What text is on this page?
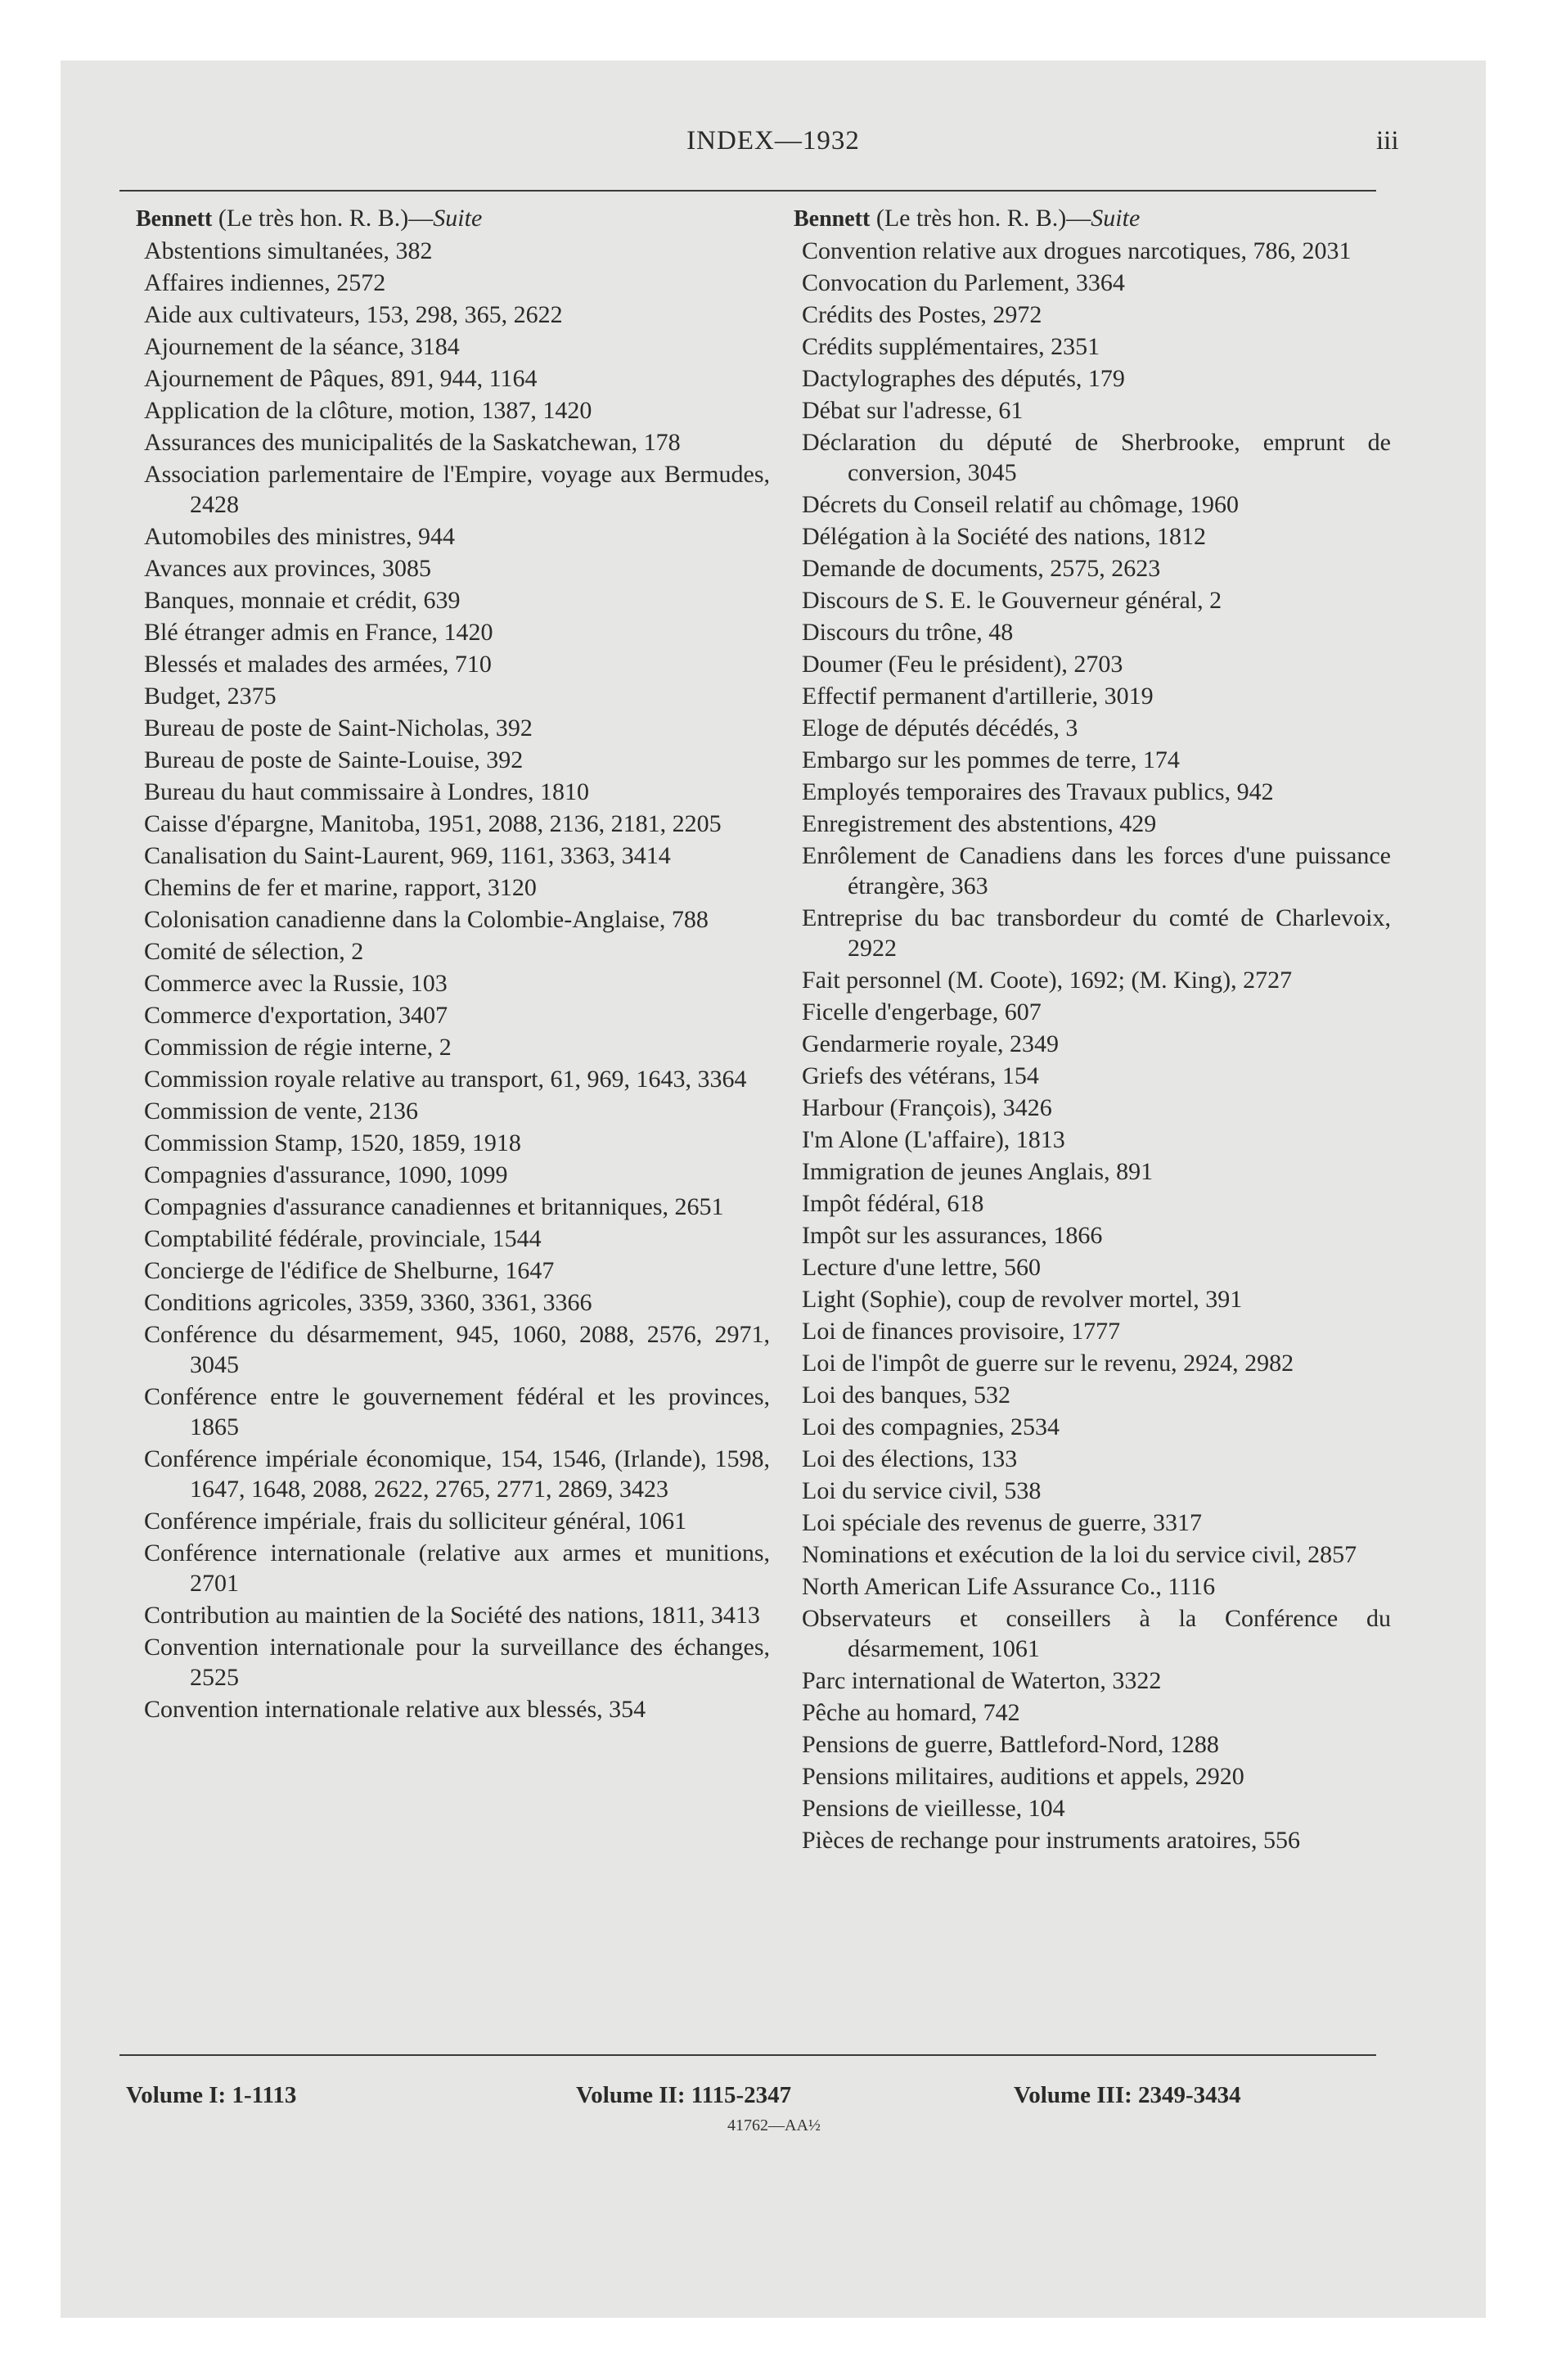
INDEX—1932	iii
Bennett (Le très hon. R. B.)—Suite
Abstentions simultanées, 382
Affaires indiennes, 2572
Aide aux cultivateurs, 153, 298, 365, 2622
Ajournement de la séance, 3184
Ajournement de Pâques, 891, 944, 1164
Application de la clôture, motion, 1387, 1420
Assurances des municipalités de la Saskatchewan, 178
Association parlementaire de l'Empire, voyage aux Bermudes, 2428
Automobiles des ministres, 944
Avances aux provinces, 3085
Banques, monnaie et crédit, 639
Blé étranger admis en France, 1420
Blessés et malades des armées, 710
Budget, 2375
Bureau de poste de Saint-Nicholas, 392
Bureau de poste de Sainte-Louise, 392
Bureau du haut commissaire à Londres, 1810
Caisse d'épargne, Manitoba, 1951, 2088, 2136, 2181, 2205
Canalisation du Saint-Laurent, 969, 1161, 3363, 3414
Chemins de fer et marine, rapport, 3120
Colonisation canadienne dans la Colombie-Anglaise, 788
Comité de sélection, 2
Commerce avec la Russie, 103
Commerce d'exportation, 3407
Commission de régie interne, 2
Commission royale relative au transport, 61, 969, 1643, 3364
Commission de vente, 2136
Commission Stamp, 1520, 1859, 1918
Compagnies d'assurance, 1090, 1099
Compagnies d'assurance canadiennes et britanniques, 2651
Comptabilité fédérale, provinciale, 1544
Concierge de l'édifice de Shelburne, 1647
Conditions agricoles, 3359, 3360, 3361, 3366
Conférence du désarmement, 945, 1060, 2088, 2576, 2971, 3045
Conférence entre le gouvernement fédéral et les provinces, 1865
Conférence impériale économique, 154, 1546, (Irlande), 1598, 1647, 1648, 2088, 2622, 2765, 2771, 2869, 3423
Conférence impériale, frais du solliciteur général, 1061
Conférence internationale (relative aux armes et munitions, 2701
Contribution au maintien de la Société des nations, 1811, 3413
Convention internationale pour la surveillance des échanges, 2525
Convention internationale relative aux blessés, 354
Bennett (Le très hon. R. B.)—Suite
Convention relative aux drogues narcotiques, 786, 2031
Convocation du Parlement, 3364
Crédits des Postes, 2972
Crédits supplémentaires, 2351
Dactylographes des députés, 179
Débat sur l'adresse, 61
Déclaration du député de Sherbrooke, emprunt de conversion, 3045
Décrets du Conseil relatif au chômage, 1960
Délégation à la Société des nations, 1812
Demande de documents, 2575, 2623
Discours de S. E. le Gouverneur général, 2
Discours du trône, 48
Doumer (Feu le président), 2703
Effectif permanent d'artillerie, 3019
Eloge de députés décédés, 3
Embargo sur les pommes de terre, 174
Employés temporaires des Travaux publics, 942
Enregistrement des abstentions, 429
Enrôlement de Canadiens dans les forces d'une puissance étrangère, 363
Entreprise du bac transbordeur du comté de Charlevoix, 2922
Fait personnel (M. Coote), 1692; (M. King), 2727
Ficelle d'engerbage, 607
Gendarmerie royale, 2349
Griefs des vétérans, 154
Harbour (François), 3426
I'm Alone (L'affaire), 1813
Immigration de jeunes Anglais, 891
Impôt fédéral, 618
Impôt sur les assurances, 1866
Lecture d'une lettre, 560
Light (Sophie), coup de revolver mortel, 391
Loi de finances provisoire, 1777
Loi de l'impôt de guerre sur le revenu, 2924, 2982
Loi des banques, 532
Loi des compagnies, 2534
Loi des élections, 133
Loi du service civil, 538
Loi spéciale des revenus de guerre, 3317
Nominations et exécution de la loi du service civil, 2857
North American Life Assurance Co., 1116
Observateurs et conseillers à la Conférence du désarmement, 1061
Parc international de Waterton, 3322
Pêche au homard, 742
Pensions de guerre, Battleford-Nord, 1288
Pensions militaires, auditions et appels, 2920
Pensions de vieillesse, 104
Pièces de rechange pour instruments aratoires, 556
Volume I: 1-1113	Volume II: 1115-2347	Volume III: 2349-3434
41762—AA½
